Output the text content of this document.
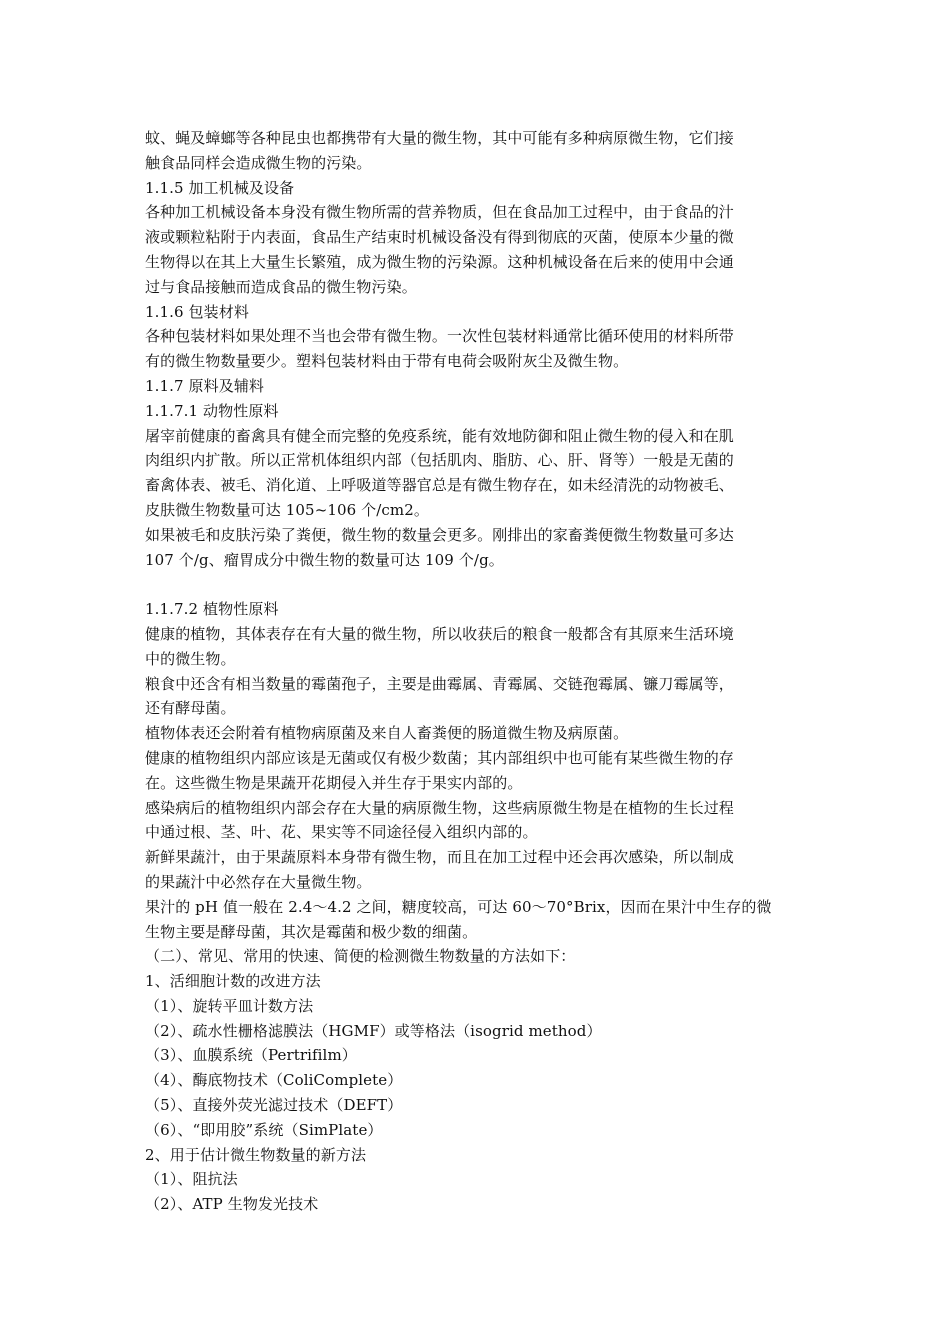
蚊、蝇及蟑螂等各种昆虫也都携带有大量的微生物，其中可能有多种病原微生物，它们接
触食品同样会造成微生物的污染。
1.1.5 加工机械及设备
各种加工机械设备本身没有微生物所需的营养物质，但在食品加工过程中，由于食品的汁
液或颗粒粘附于内表面，食品生产结束时机械设备没有得到彻底的灭菌，使原本少量的微
生物得以在其上大量生长繁殖，成为微生物的污染源。这种机械设备在后来的使用中会通
过与食品接触而造成食品的微生物污染。
1.1.6 包装材料
各种包装材料如果处理不当也会带有微生物。一次性包装材料通常比循环使用的材料所带
有的微生物数量要少。塑料包装材料由于带有电荷会吸附灰尘及微生物。
1.1.7 原料及辅料
1.1.7.1 动物性原料
屠宰前健康的畜禽具有健全而完整的免疫系统，能有效地防御和阻止微生物的侵入和在肌
肉组织内扩散。所以正常机体组织内部（包括肌肉、脂肪、心、肝、肾等）一般是无菌的
畜禽体表、被毛、消化道、上呼吸道等器官总是有微生物存在，如未经清洗的动物被毛、
皮肤微生物数量可达 105~106 个/cm2。
如果被毛和皮肤污染了粪便，微生物的数量会更多。刚排出的家畜粪便微生物数量可多达
107 个/g、瘤胃成分中微生物的数量可达 109 个/g。
1.1.7.2 植物性原料
健康的植物，其体表存在有大量的微生物，所以收获后的粮食一般都含有其原来生活环境
中的微生物。
粮食中还含有相当数量的霉菌孢子，主要是曲霉属、青霉属、交链孢霉属、镰刀霉属等，
还有酵母菌。
植物体表还会附着有植物病原菌及来自人畜粪便的肠道微生物及病原菌。
健康的植物组织内部应该是无菌或仅有极少数菌；其内部组织中也可能有某些微生物的存
在。这些微生物是果蔬开花期侵入并生存于果实内部的。
感染病后的植物组织内部会存在大量的病原微生物，这些病原微生物是在植物的生长过程
中通过根、茎、叶、花、果实等不同途径侵入组织内部的。
新鲜果蔬汁，由于果蔬原料本身带有微生物，而且在加工过程中还会再次感染，所以制成
的果蔬汁中必然存在大量微生物。
果汁的 pH 值一般在 2.4～4.2 之间，糖度较高，可达 60～70°Brix，因而在果汁中生存的微
生物主要是酵母菌，其次是霉菌和极少数的细菌。
（二）、常见、常用的快速、简便的检测微生物数量的方法如下：
1、活细胞计数的改进方法
（1）、旋转平皿计数方法
（2）、疏水性栅格滤膜法（HGMF）或等格法（isogrid method）
（3）、血膜系统（Pertrifilm）
（4）、酶底物技术（ColiComplete）
（5）、直接外荧光滤过技术（DEFT）
（6）、“即用胶”系统（SimPlate）
2、用于估计微生物数量的新方法
（1）、阻抗法
（2）、ATP 生物发光技术
